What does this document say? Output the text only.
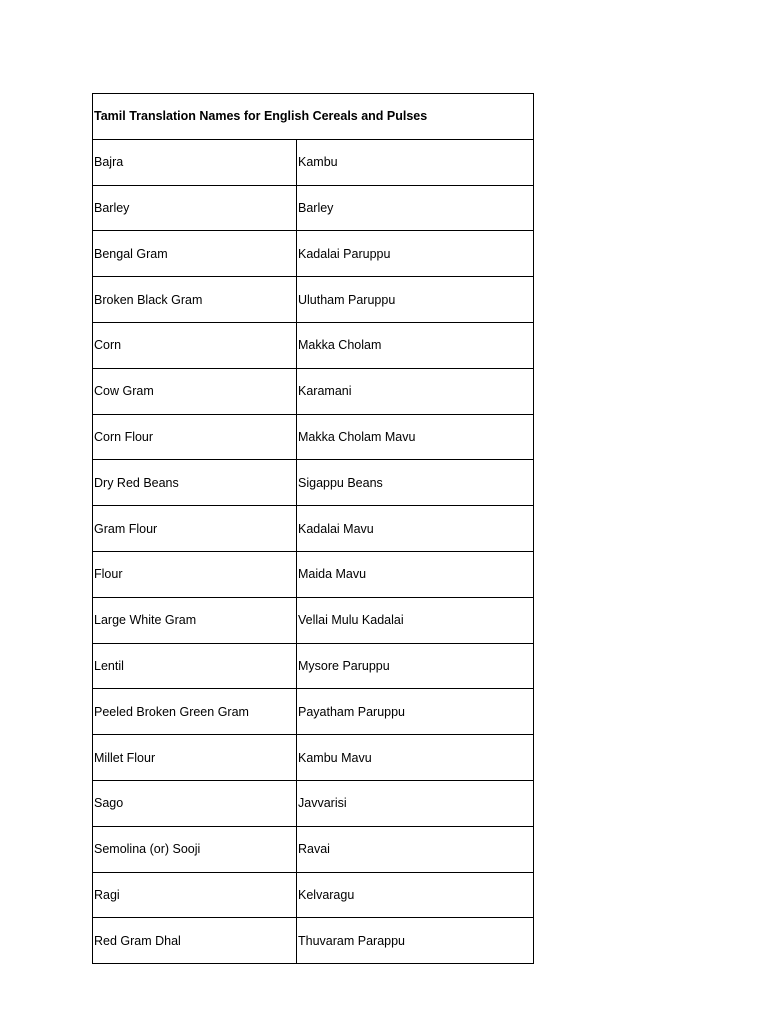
Tamil Translation Names for English Cereals and Pulses	
Bajra	Kambu
Barley	Barley
Bengal Gram	Kadalai Paruppu
Broken Black Gram	Ulutham Paruppu
Corn	Makka Cholam
Cow Gram	Karamani
Corn Flour	Makka Cholam Mavu
Dry Red Beans	Sigappu Beans
Gram Flour	Kadalai Mavu
Flour	Maida Mavu
Large White Gram	Vellai Mulu Kadalai
Lentil	Mysore Paruppu
Peeled Broken Green Gram	Payatham Paruppu
Millet Flour	Kambu Mavu
Sago	Javvarisi
Semolina (or) Sooji	Ravai
Ragi	Kelvaragu
Red Gram Dhal	Thuvaram Parappu
